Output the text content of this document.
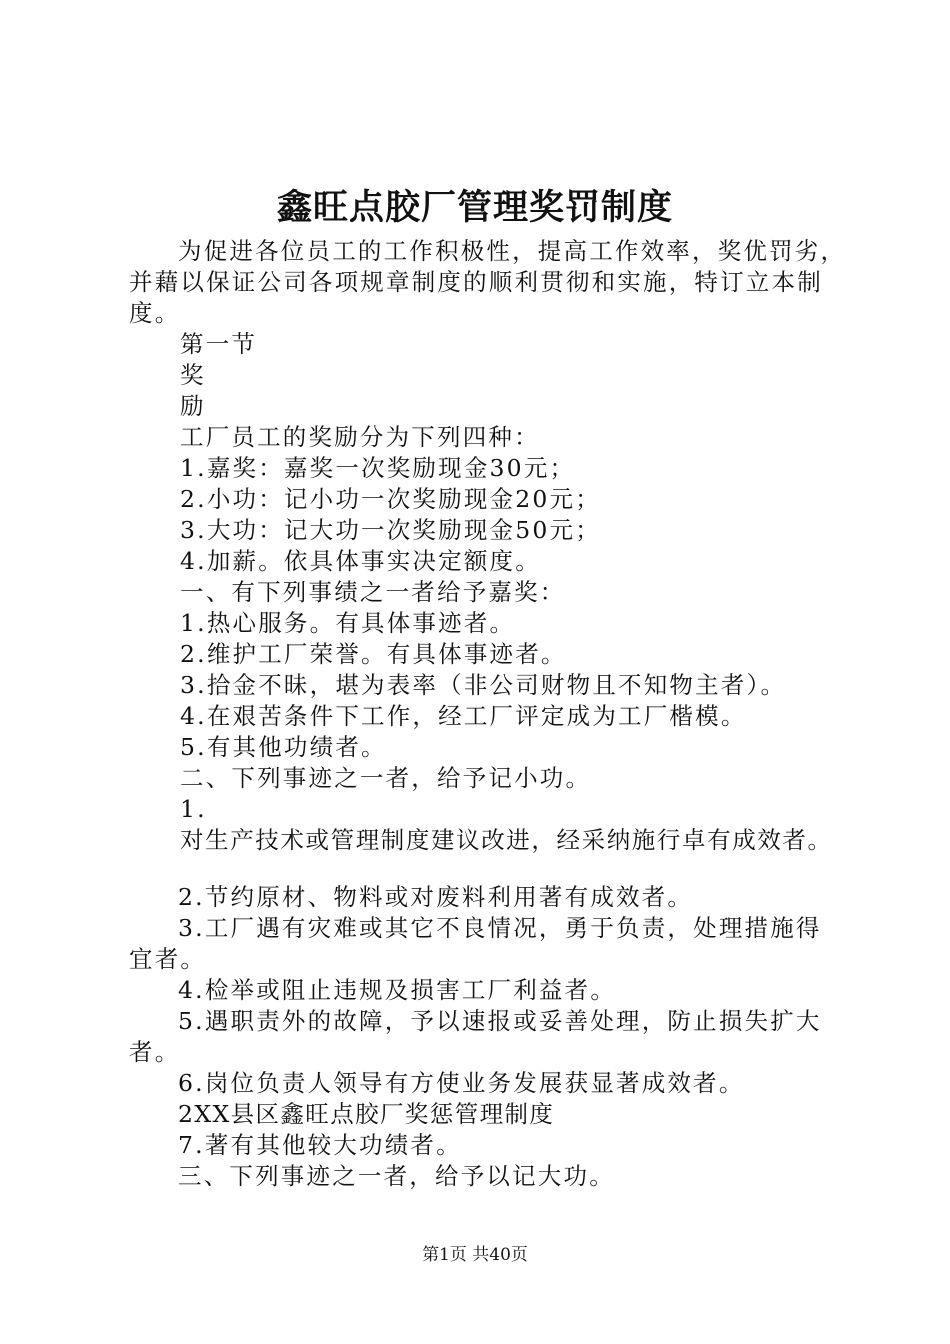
鑫旺点胶厂管理奖罚制度
为促进各位员工的工作积极性，提高工作效率，奖优罚劣，
并藉以保证公司各项规章制度的顺利贯彻和实施，特订立本制
度。
第一节
奖
励
工厂员工的奖励分为下列四种：
1.嘉奖：嘉奖一次奖励现金30元；
2.小功：记小功一次奖励现金20元；
3.大功：记大功一次奖励现金50元；
4.加薪。依具体事实决定额度。
一、有下列事绩之一者给予嘉奖：
1.热心服务。有具体事迹者。
2.维护工厂荣誉。有具体事迹者。
3.拾金不昧，堪为表率（非公司财物且不知物主者）。
4.在艰苦条件下工作，经工厂评定成为工厂楷模。
5.有其他功绩者。
二、下列事迹之一者，给予记小功。
1.
对生产技术或管理制度建议改进，经采纳施行卓有成效者。
2.节约原材、物料或对废料利用著有成效者。
3.工厂遇有灾难或其它不良情况，勇于负责，处理措施得
宜者。
4.检举或阻止违规及损害工厂利益者。
5.遇职责外的故障，予以速报或妥善处理，防止损失扩大
者。
6.岗位负责人领导有方使业务发展获显著成效者。
2XX县区鑫旺点胶厂奖惩管理制度
7.著有其他较大功绩者。
三、下列事迹之一者，给予以记大功。
第1页 共40页
